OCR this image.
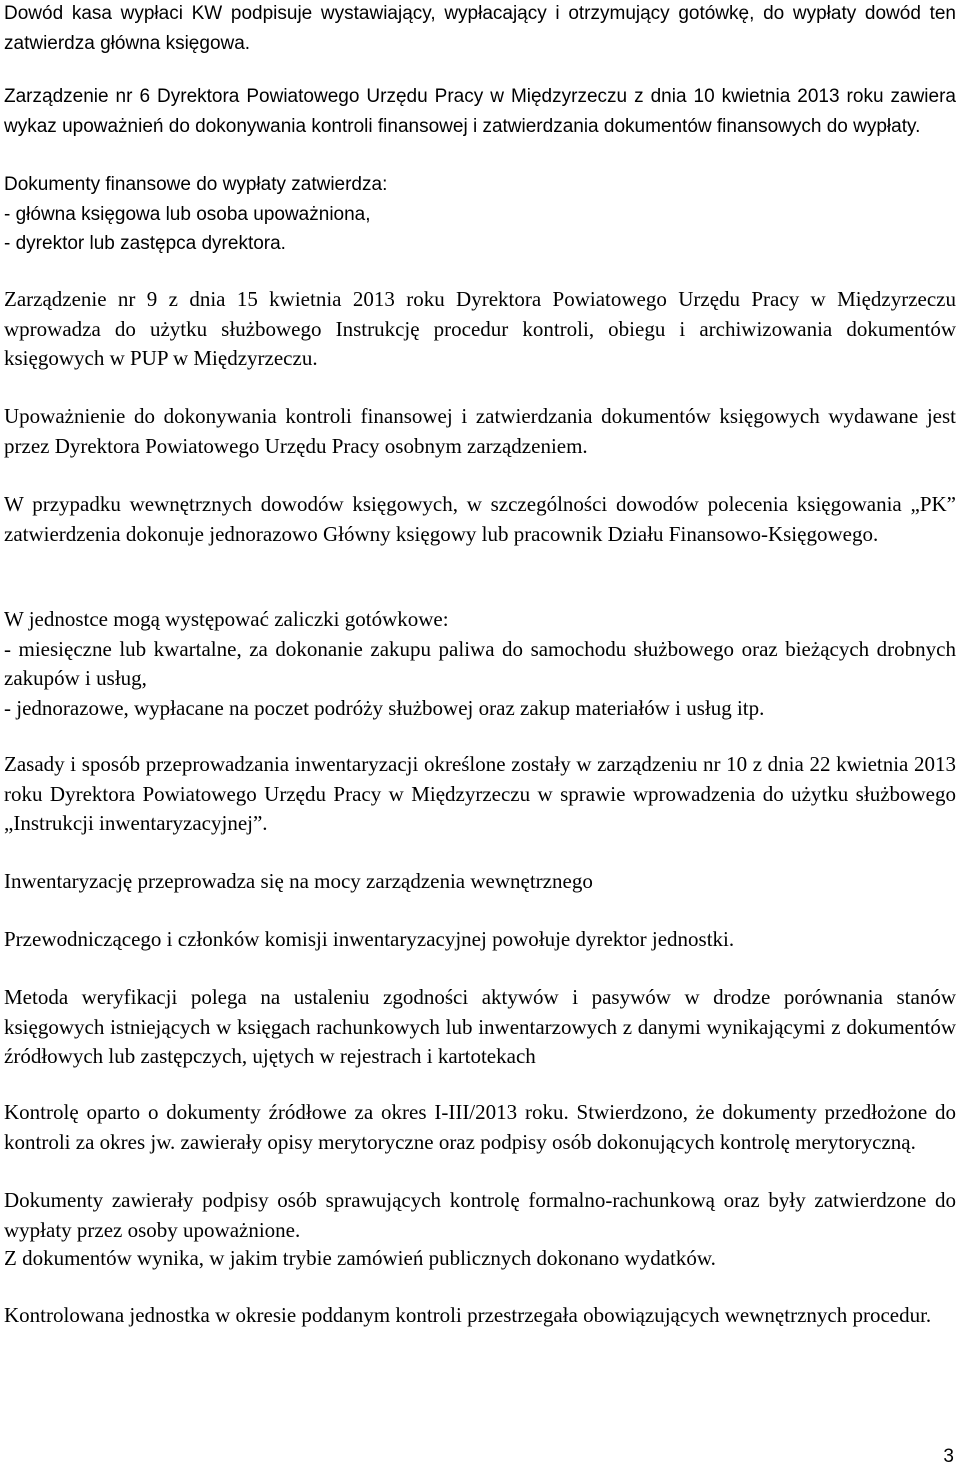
Dowód kasa wypłaci KW podpisuje wystawiający, wypłacający i otrzymujący gotówkę, do wypłaty dowód ten zatwierdza główna księgowa.
Zarządzenie nr 6 Dyrektora Powiatowego Urzędu Pracy w Międzyrzeczu z dnia 10 kwietnia 2013 roku zawiera wykaz upoważnień do dokonywania kontroli finansowej i zatwierdzania dokumentów finansowych do wypłaty.
Dokumenty finansowe do wypłaty zatwierdza:
- główna księgowa lub osoba upoważniona,
- dyrektor lub zastępca dyrektora.
Zarządzenie nr 9 z dnia 15 kwietnia 2013 roku Dyrektora Powiatowego Urzędu Pracy w Międzyrzeczu wprowadza do użytku służbowego Instrukcję procedur kontroli, obiegu i archiwizowania dokumentów księgowych w PUP w Międzyrzeczu.
Upoważnienie do dokonywania kontroli finansowej i zatwierdzania dokumentów księgowych wydawane jest przez Dyrektora Powiatowego Urzędu Pracy osobnym zarządzeniem.
W przypadku wewnętrznych dowodów księgowych, w szczególności dowodów polecenia księgowania „PK” zatwierdzenia dokonuje jednorazowo Główny księgowy lub pracownik Działu Finansowo-Księgowego.
W jednostce mogą występować zaliczki gotówkowe:
- miesięczne lub kwartalne, za dokonanie zakupu paliwa do samochodu służbowego oraz bieżących drobnych zakupów i usług,
- jednorazowe, wypłacane na poczet podróży służbowej oraz zakup materiałów i usług itp.
Zasady i sposób przeprowadzania inwentaryzacji określone zostały w zarządzeniu nr 10 z dnia 22 kwietnia 2013 roku Dyrektora Powiatowego Urzędu Pracy w Międzyrzeczu w sprawie wprowadzenia do użytku służbowego „Instrukcji inwentaryzacyjnej”.
Inwentaryzację przeprowadza się na mocy zarządzenia wewnętrznego
Przewodniczącego i członków komisji inwentaryzacyjnej powołuje dyrektor jednostki.
Metoda weryfikacji polega na ustaleniu zgodności aktywów i pasywów w drodze porównania stanów księgowych istniejących w księgach rachunkowych lub inwentarzowych z danymi wynikającymi z dokumentów źródłowych lub zastępczych, ujętych w rejestrach i kartotekach
Kontrolę oparto o dokumenty źródłowe za okres I-III/2013 roku. Stwierdzono, że dokumenty przedłożone do kontroli za okres jw. zawierały opisy merytoryczne oraz podpisy osób dokonujących kontrolę merytoryczną.
Dokumenty zawierały podpisy osób sprawujących kontrolę formalno-rachunkową oraz były zatwierdzone do wypłaty przez osoby upoważnione.
Z dokumentów wynika, w jakim trybie zamówień publicznych dokonano wydatków.
Kontrolowana jednostka w okresie poddanym kontroli przestrzegała obowiązujących wewnętrznych procedur.
3
